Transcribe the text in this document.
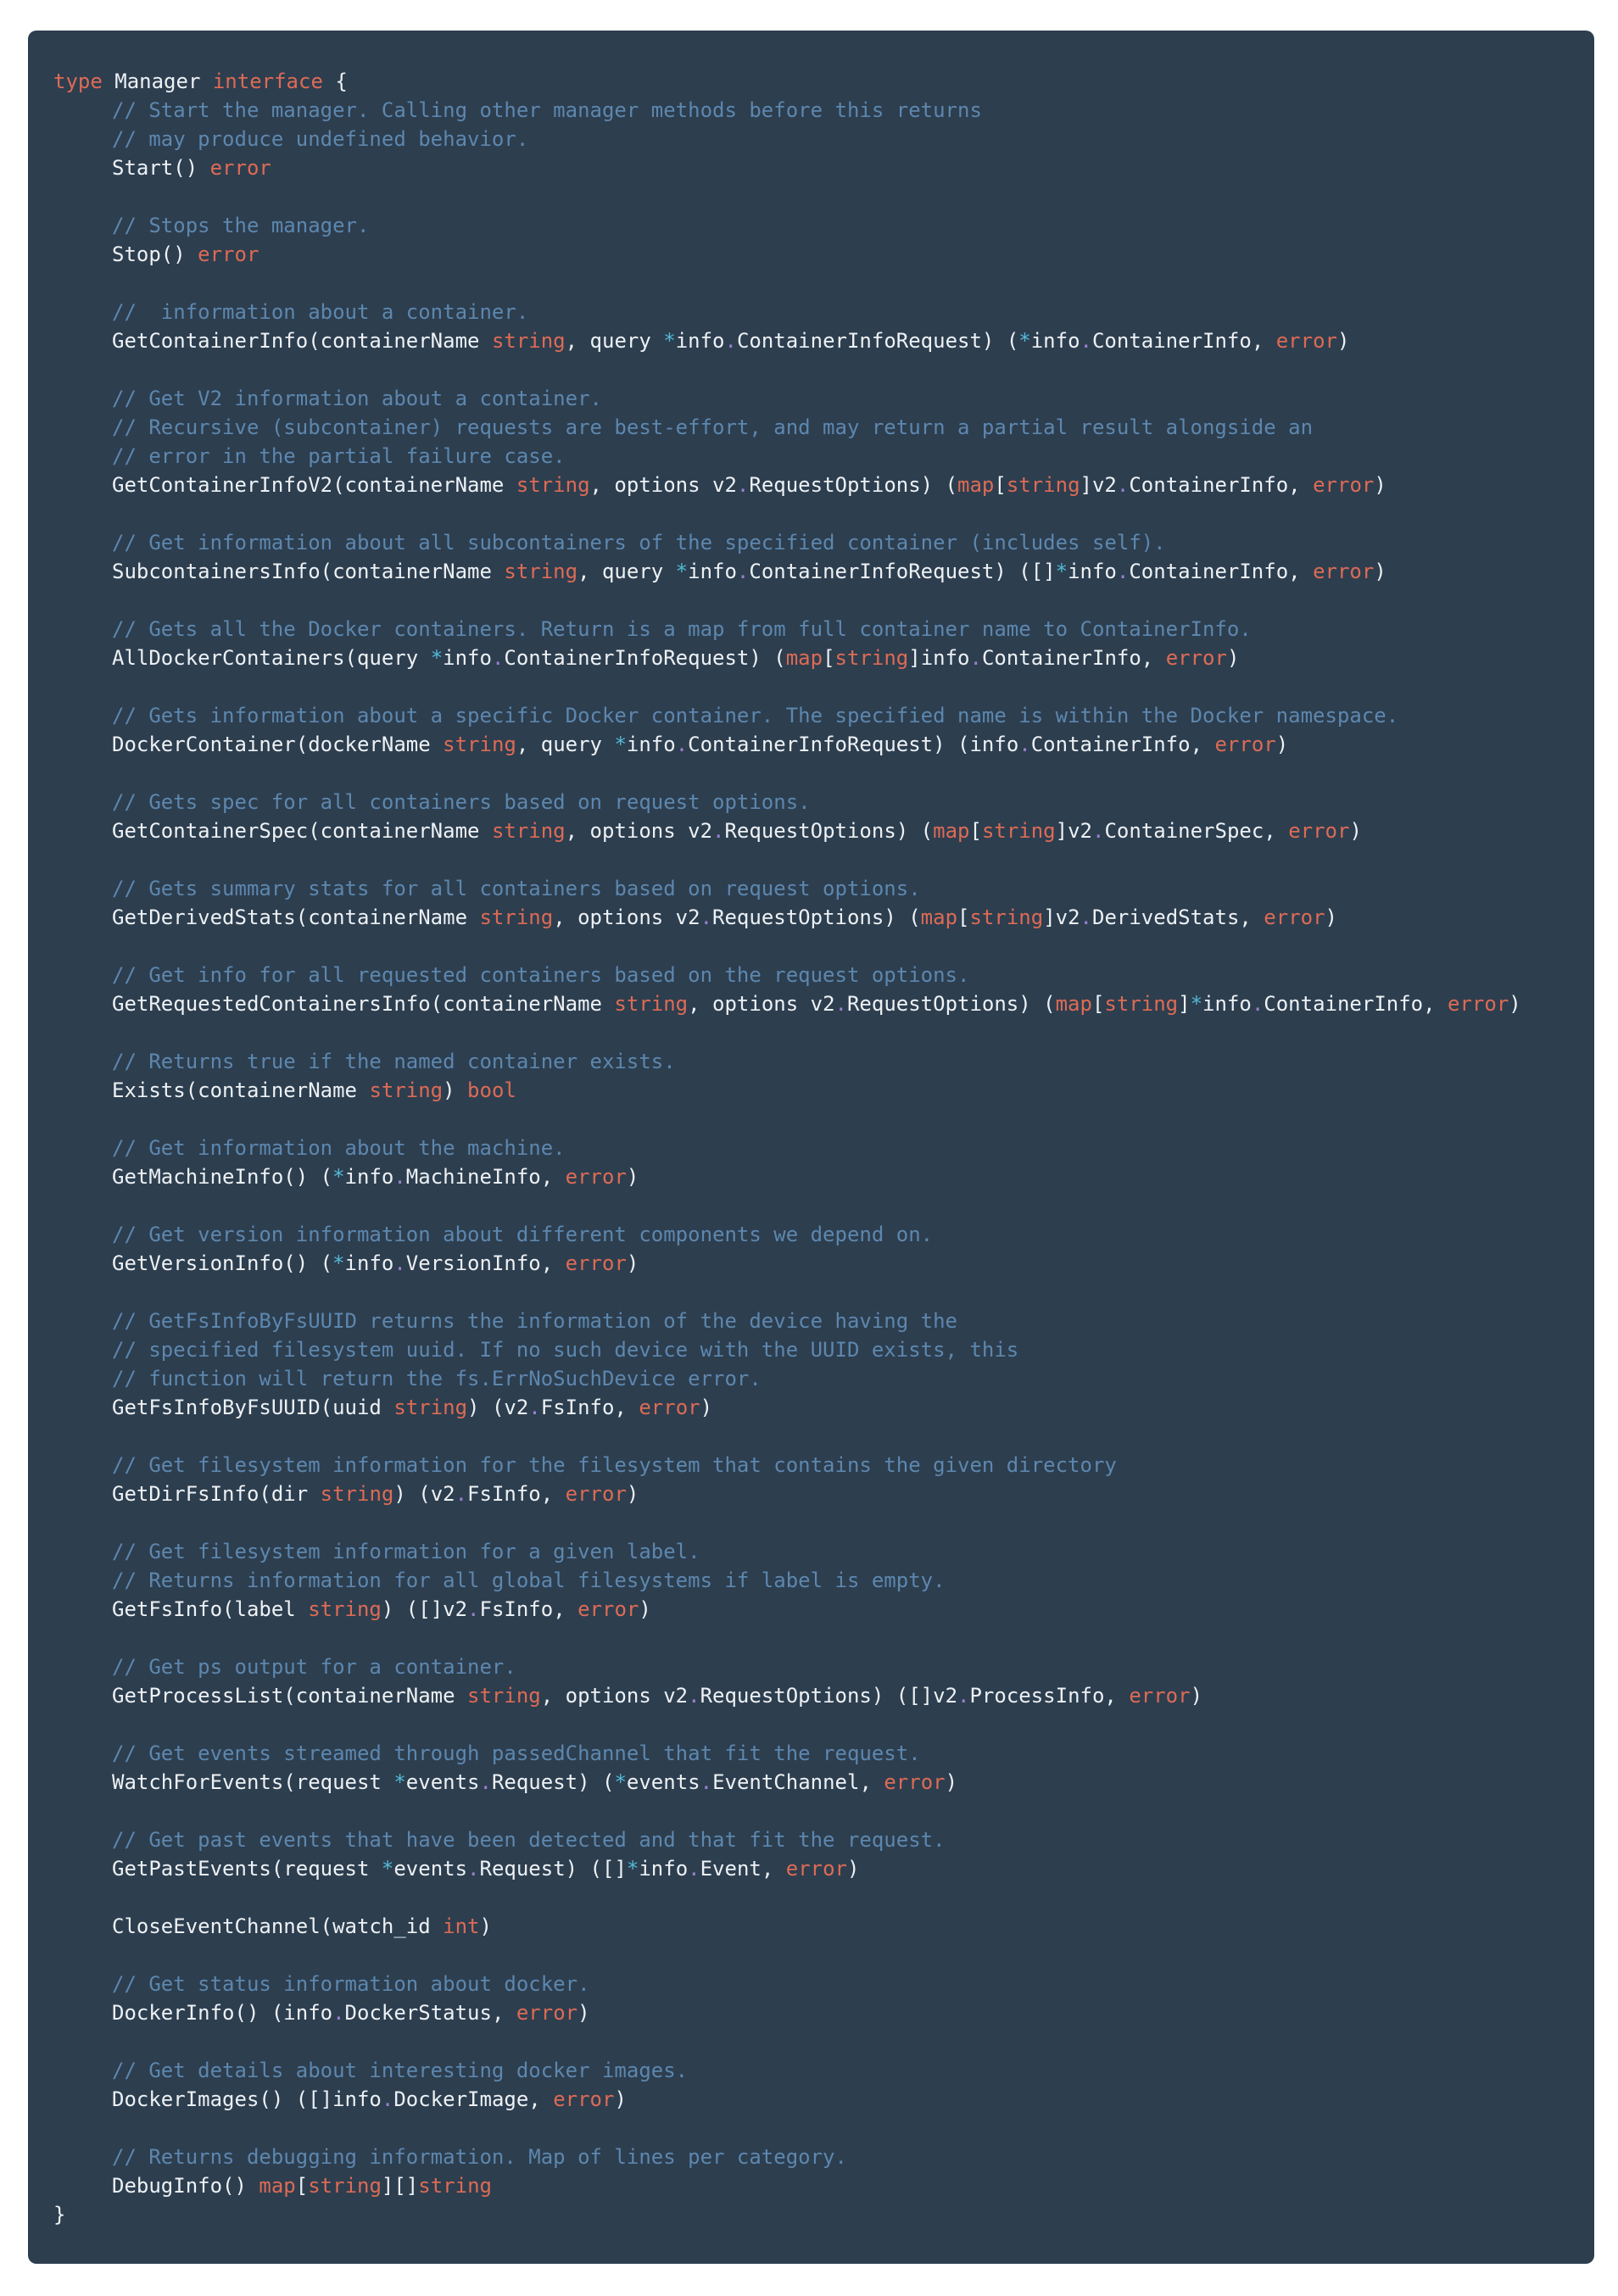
type Manager interface {
// Start the manager. Calling other manager methods before this returns
// may produce undefined behavior.
Start() error
// Stops the manager.
Stop() error
//  information about a container.
GetContainerInfo(containerName string, query *info.ContainerInfoRequest) (*info.ContainerInfo, error)
// Get V2 information about a container.
// Recursive (subcontainer) requests are best-effort, and may return a partial result alongside an
// error in the partial failure case.
GetContainerInfoV2(containerName string, options v2.RequestOptions) (map[string]v2.ContainerInfo, error)
// Get information about all subcontainers of the specified container (includes self).
SubcontainersInfo(containerName string, query *info.ContainerInfoRequest) ([]*info.ContainerInfo, error)
// Gets all the Docker containers. Return is a map from full container name to ContainerInfo.
AllDockerContainers(query *info.ContainerInfoRequest) (map[string]info.ContainerInfo, error)
// Gets information about a specific Docker container. The specified name is within the Docker namespace.
DockerContainer(dockerName string, query *info.ContainerInfoRequest) (info.ContainerInfo, error)
// Gets spec for all containers based on request options.
GetContainerSpec(containerName string, options v2.RequestOptions) (map[string]v2.ContainerSpec, error)
// Gets summary stats for all containers based on request options.
GetDerivedStats(containerName string, options v2.RequestOptions) (map[string]v2.DerivedStats, error)
// Get info for all requested containers based on the request options.
GetRequestedContainersInfo(containerName string, options v2.RequestOptions) (map[string]*info.ContainerInfo, error)
// Returns true if the named container exists.
Exists(containerName string) bool
// Get information about the machine.
GetMachineInfo() (*info.MachineInfo, error)
// Get version information about different components we depend on.
GetVersionInfo() (*info.VersionInfo, error)
// GetFsInfoByFsUUID returns the information of the device having the
// specified filesystem uuid. If no such device with the UUID exists, this
// function will return the fs.ErrNoSuchDevice error.
GetFsInfoByFsUUID(uuid string) (v2.FsInfo, error)
// Get filesystem information for the filesystem that contains the given directory
GetDirFsInfo(dir string) (v2.FsInfo, error)
// Get filesystem information for a given label.
// Returns information for all global filesystems if label is empty.
GetFsInfo(label string) ([]v2.FsInfo, error)
// Get ps output for a container.
GetProcessList(containerName string, options v2.RequestOptions) ([]v2.ProcessInfo, error)
// Get events streamed through passedChannel that fit the request.
WatchForEvents(request *events.Request) (*events.EventChannel, error)
// Get past events that have been detected and that fit the request.
GetPastEvents(request *events.Request) ([]*info.Event, error)
CloseEventChannel(watch_id int)
// Get status information about docker.
DockerInfo() (info.DockerStatus, error)
// Get details about interesting docker images.
DockerImages() ([]info.DockerImage, error)
// Returns debugging information. Map of lines per category.
DebugInfo() map[string][]string
}
